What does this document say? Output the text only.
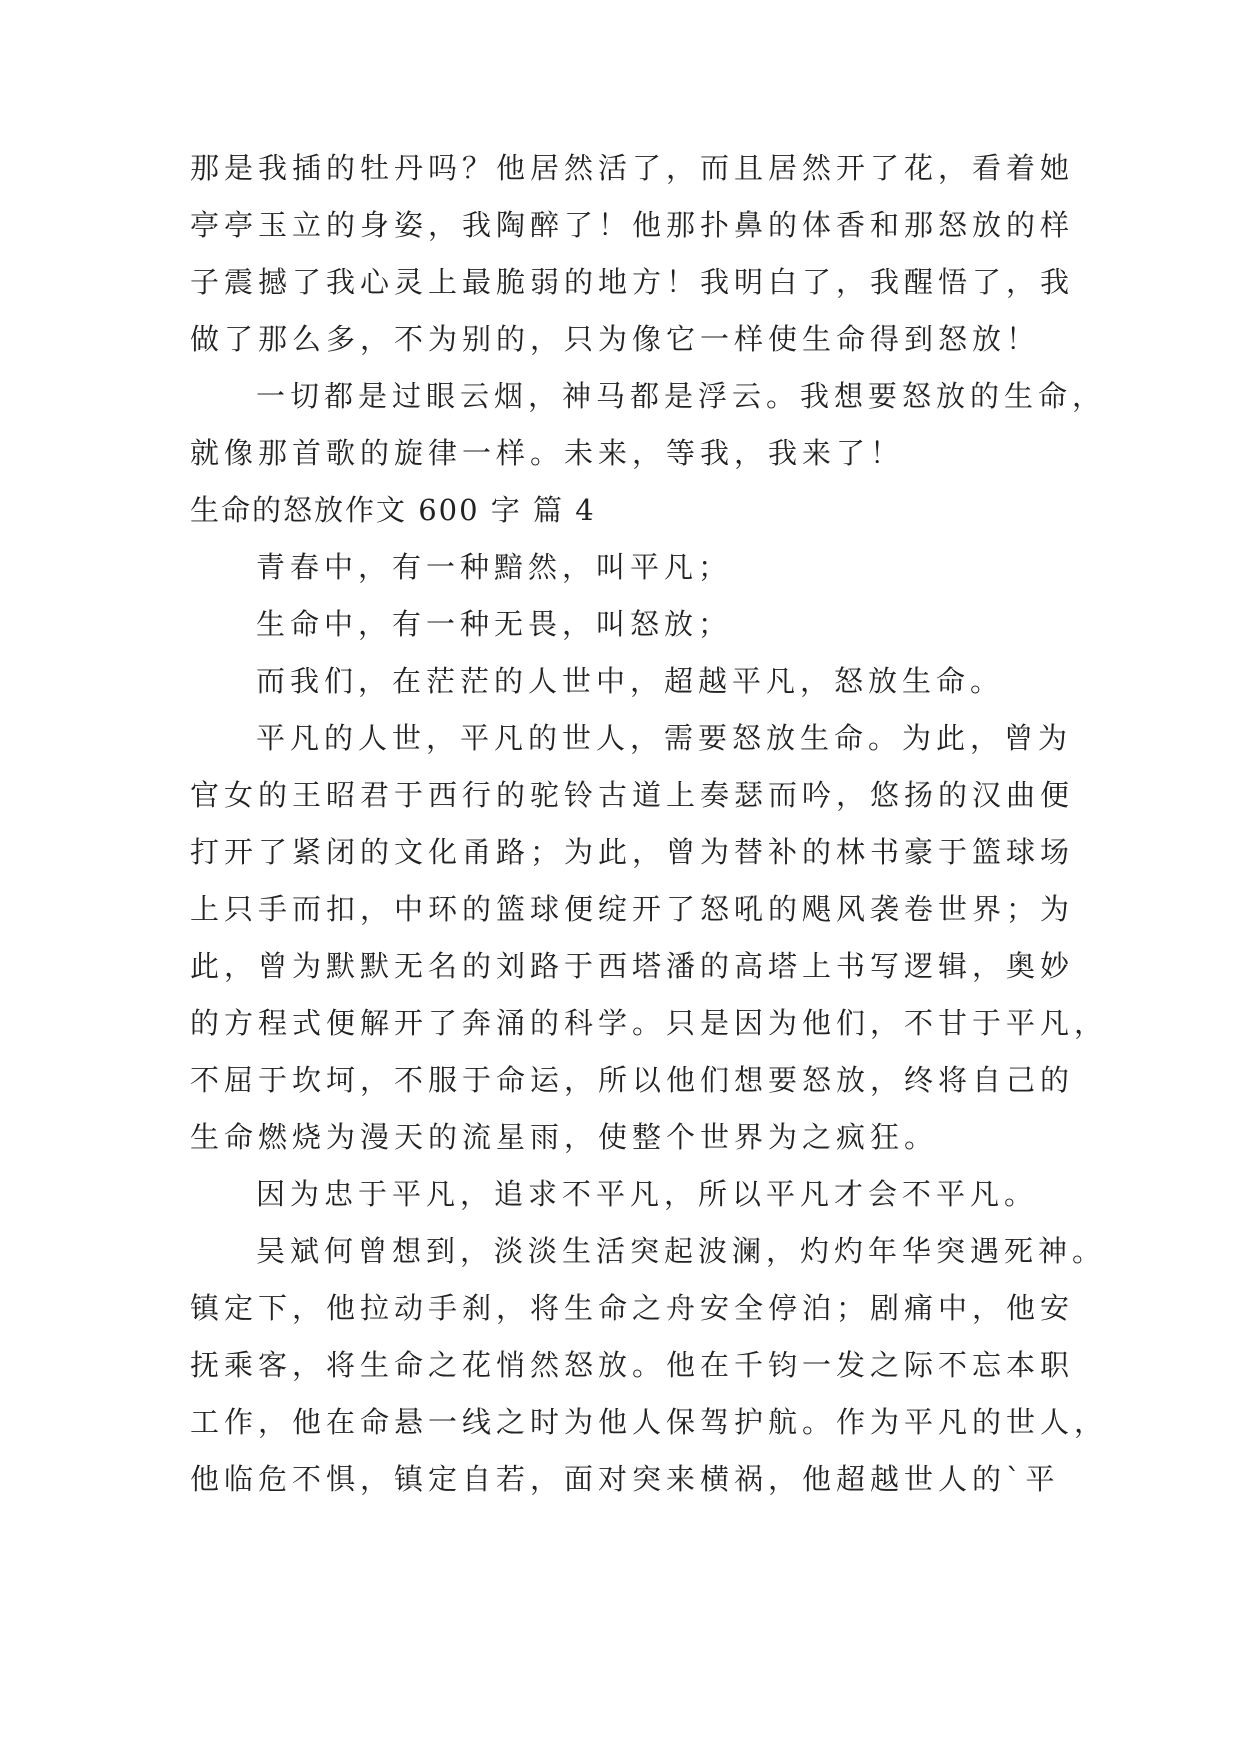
那是我插的牡丹吗？他居然活了，而且居然开了花，看着她
亭亭玉立的身姿，我陶醉了！他那扑鼻的体香和那怒放的样
子震撼了我心灵上最脆弱的地方！我明白了，我醒悟了，我
做了那么多，不为别的，只为像它一样使生命得到怒放！
一切都是过眼云烟，神马都是浮云。我想要怒放的生命，
就像那首歌的旋律一样。未来，等我，我来了！
生命的怒放作文 600 字 篇 4
青春中，有一种黯然，叫平凡；
生命中，有一种无畏，叫怒放；
而我们，在茫茫的人世中，超越平凡，怒放生命。
平凡的人世，平凡的世人，需要怒放生命。为此，曾为
官女的王昭君于西行的驼铃古道上奏瑟而吟，悠扬的汉曲便
打开了紧闭的文化甬路；为此，曾为替补的林书豪于篮球场
上只手而扣，中环的篮球便绽开了怒吼的飓风袭卷世界；为
此，曾为默默无名的刘路于西塔潘的高塔上书写逻辑，奥妙
的方程式便解开了奔涌的科学。只是因为他们，不甘于平凡，
不屈于坎坷，不服于命运，所以他们想要怒放，终将自己的
生命燃烧为漫天的流星雨，使整个世界为之疯狂。
因为忠于平凡，追求不平凡，所以平凡才会不平凡。
吴斌何曾想到，淡淡生活突起波澜，灼灼年华突遇死神。
镇定下，他拉动手刹，将生命之舟安全停泊；剧痛中，他安
抚乘客，将生命之花悄然怒放。他在千钧一发之际不忘本职
工作，他在命悬一线之时为他人保驾护航。作为平凡的世人，
他临危不惧，镇定自若，面对突来横祸，他超越世人的`平
